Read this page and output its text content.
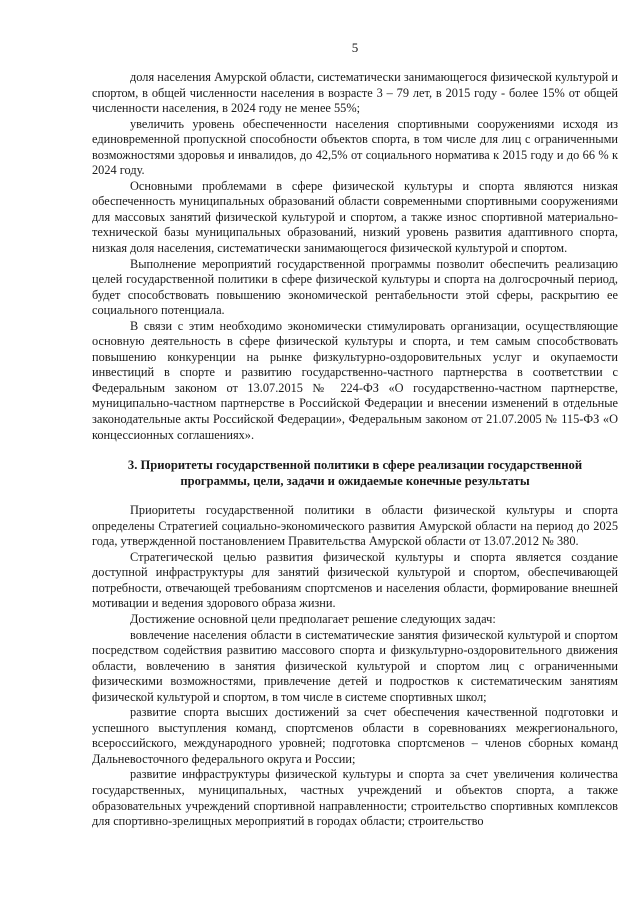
5

доля населения Амурской области, систематически занимающегося физической культурой и спортом, в общей численности населения в возрасте 3 – 79 лет, в 2015 году - более 15% от общей численности населения, в 2024 году не менее 55%;

увеличить уровень обеспеченности населения спортивными сооружениями исходя из единовременной пропускной способности объектов спорта, в том числе для лиц с ограниченными возможностями здоровья и инвалидов, до 42,5% от социального норматива к 2015 году и до 66 % к 2024 году.

Основными проблемами в сфере физической культуры и спорта являются низкая обеспеченность муниципальных образований области современными спортивными сооружениями для массовых занятий физической культурой и спортом, а также износ спортивной материально-технической базы муниципальных образований, низкий уровень развития адаптивного спорта, низкая доля населения, систематически занимающегося физической культурой и спортом.

Выполнение мероприятий государственной программы позволит обеспечить реализацию целей государственной политики в сфере физической культуры и спорта на долгосрочный период, будет способствовать повышению экономической рентабельности этой сферы, раскрытию ее социального потенциала.

В связи с этим необходимо экономически стимулировать организации, осуществляющие основную деятельность в сфере физической культуры и спорта, и тем самым способствовать повышению конкуренции на рынке физкультурно-оздоровительных услуг и окупаемости инвестиций в спорте и развитию государственно-частного партнерства в соответствии с Федеральным законом от 13.07.2015 № 224-ФЗ «О государственно-частном партнерстве, муниципально-частном партнерстве в Российской Федерации и внесении изменений в отдельные законодательные акты Российской Федерации», Федеральным законом от 21.07.2005 № 115-ФЗ «О концессионных соглашениях».

3. Приоритеты государственной политики в сфере реализации государственной программы, цели, задачи и ожидаемые конечные результаты

Приоритеты государственной политики в области физической культуры и спорта определены Стратегией социально-экономического развития Амурской области на период до 2025 года, утвержденной постановлением Правительства Амурской области от 13.07.2012 № 380.

Стратегической целью развития физической культуры и спорта является создание доступной инфраструктуры для занятий физической культурой и спортом, обеспечивающей потребности, отвечающей требованиям спортсменов и населения области, формирование внешней мотивации и ведения здорового образа жизни.

Достижение основной цели предполагает решение следующих задач:

вовлечение населения области в систематические занятия физической культурой и спортом посредством содействия развитию массового спорта и физкультурно-оздоровительного движения области, вовлечению в занятия физической культурой и спортом лиц с ограниченными физическими возможностями, привлечение детей и подростков к систематическим занятиям физической культурой и спортом, в том числе в системе спортивных школ;

развитие спорта высших достижений за счет обеспечения качественной подготовки и успешного выступления команд, спортсменов области в соревнованиях межрегионального, всероссийского, международного уровней; подготовка спортсменов – членов сборных команд Дальневосточного федерального округа и России;

развитие инфраструктуры физической культуры и спорта за счет увеличения количества государственных, муниципальных, частных учреждений и объектов спорта, а также образовательных учреждений спортивной направленности; строительство спортивных комплексов для спортивно-зрелищных мероприятий в городах области; строительство
